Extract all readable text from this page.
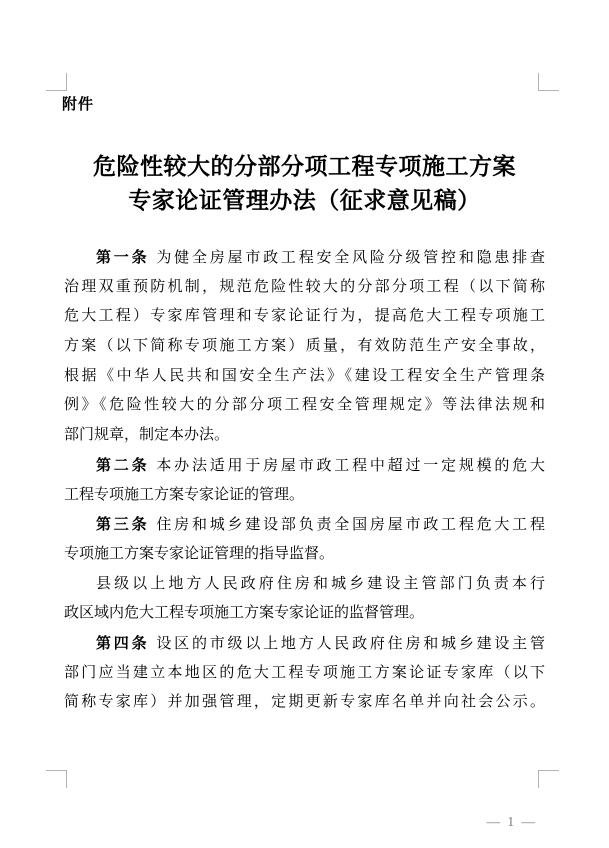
附件
危险性较大的分部分项工程专项施工方案
专家论证管理办法（征求意见稿）

第一条 为健全房屋市政工程安全风险分级管控和隐患排查

治理双重预防机制，规范危险性较大的分部分项工程（以下简称

危大工程）专家库管理和专家论证行为，提高危大工程专项施工

方案（以下简称专项施工方案）质量，有效防范生产安全事故，

根据《中华人民共和国安全生产法》《建设工程安全生产管理条

例》《危险性较大的分部分项工程安全管理规定》等法律法规和

部门规章，制定本办法。

第二条 本办法适用于房屋市政工程中超过一定规模的危大

工程专项施工方案专家论证的管理。

第三条 住房和城乡建设部负责全国房屋市政工程危大工程

专项施工方案专家论证管理的指导监督。

县级以上地方人民政府住房和城乡建设主管部门负责本行

政区域内危大工程专项施工方案专家论证的监督管理。

第四条 设区的市级以上地方人民政府住房和城乡建设主管

部门应当建立本地区的危大工程专项施工方案论证专家库（以下

简称专家库）并加强管理，定期更新专家库名单并向社会公示。

— 1 —
